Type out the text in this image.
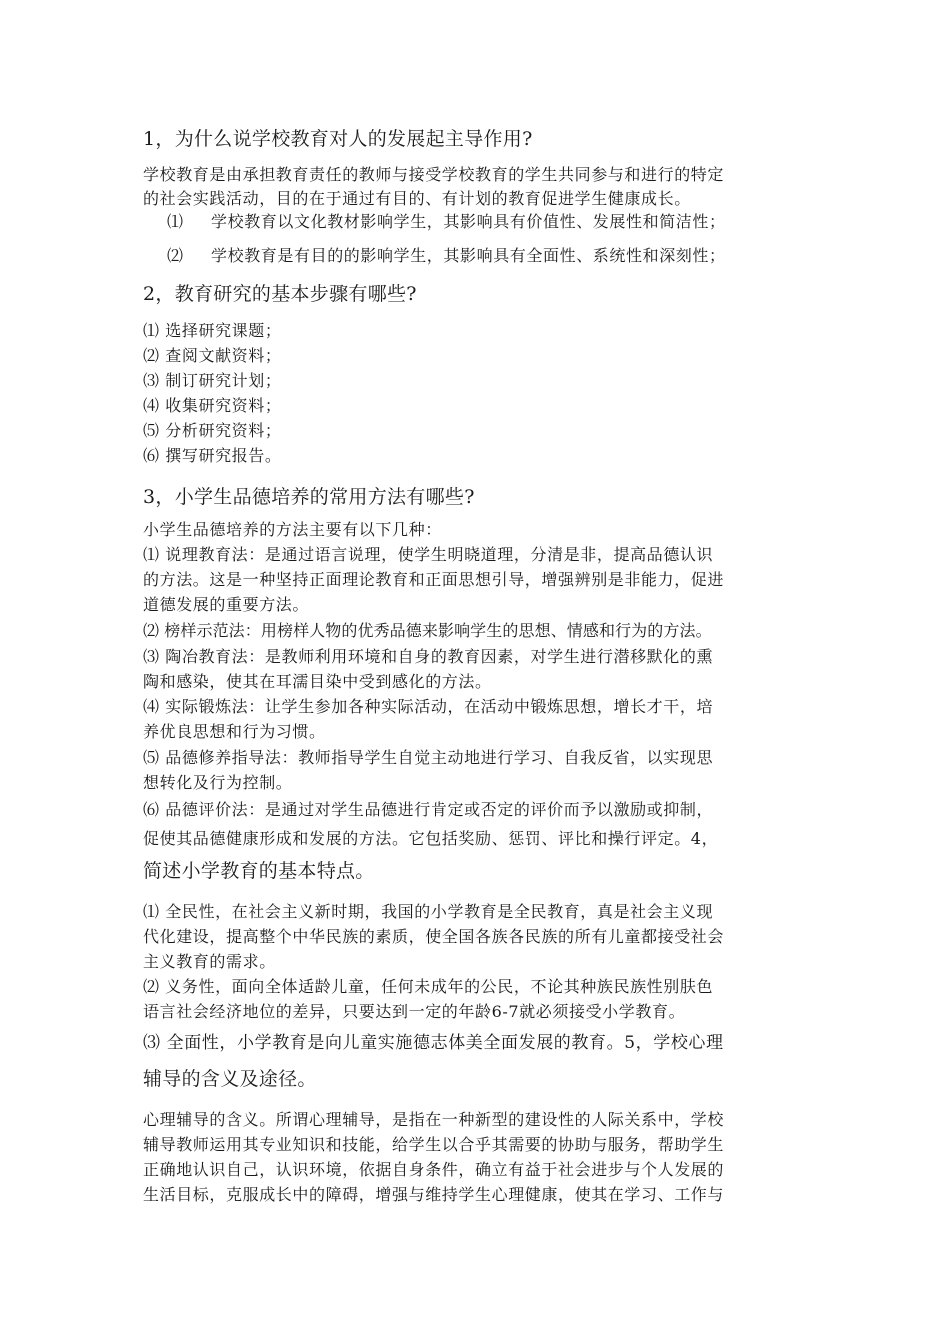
1，为什么说学校教育对人的发展起主导作用?
学校教育是由承担教育责任的教师与接受学校教育的学生共同参与和进行的特定
的社会实践活动，目的在于通过有目的、有计划的教育促进学生健康成长。
⑴ 学校教育以文化教材影响学生，其影响具有价值性、发展性和简洁性；
⑵ 学校教育是有目的的影响学生，其影响具有全面性、系统性和深刻性；
2，教育研究的基本步骤有哪些?
⑴ 选择研究课题；
⑵ 查阅文献资料；
⑶ 制订研究计划；
⑷ 收集研究资料；
⑸ 分析研究资料；
⑹ 撰写研究报告。
3，小学生品德培养的常用方法有哪些?
小学生品德培养的方法主要有以下几种：
⑴ 说理教育法：是通过语言说理，使学生明晓道理，分清是非，提高品德认识
的方法。这是一种坚持正面理论教育和正面思想引导，增强辨别是非能力，促进
道德发展的重要方法。
⑵ 榜样示范法：用榜样人物的优秀品德来影响学生的思想、情感和行为的方法。
⑶ 陶冶教育法：是教师利用环境和自身的教育因素，对学生进行潜移默化的熏
陶和感染，使其在耳濡目染中受到感化的方法。
⑷ 实际锻炼法：让学生参加各种实际活动，在活动中锻炼思想，增长才干，培
养优良思想和行为习惯。
⑸ 品德修养指导法：教师指导学生自觉主动地进行学习、自我反省，以实现思
想转化及行为控制。
⑹ 品德评价法：是通过对学生品德进行肯定或否定的评价而予以激励或抑制，
促使其品德健康形成和发展的方法。它包括奖励、惩罚、评比和操行评定。4，
简述小学教育的基本特点。
⑴ 全民性，在社会主义新时期，我国的小学教育是全民教育，真是社会主义现
代化建设，提高整个中华民族的素质，使全国各族各民族的所有儿童都接受社会
主义教育的需求。
⑵ 义务性，面向全体适龄儿童，任何未成年的公民，不论其种族民族性别肤色
语言社会经济地位的差异，只要达到一定的年龄6-7就必须接受小学教育。
⑶ 全面性，小学教育是向儿童实施德志体美全面发展的教育。5，学校心理
辅导的含义及途径。
心理辅导的含义。所谓心理辅导，是指在一种新型的建设性的人际关系中，学校
辅导教师运用其专业知识和技能，给学生以合乎其需要的协助与服务，帮助学生
正确地认识自己，认识环境，依据自身条件，确立有益于社会进步与个人发展的
生活目标，克服成长中的障碍，增强与维持学生心理健康，使其在学习、工作与
